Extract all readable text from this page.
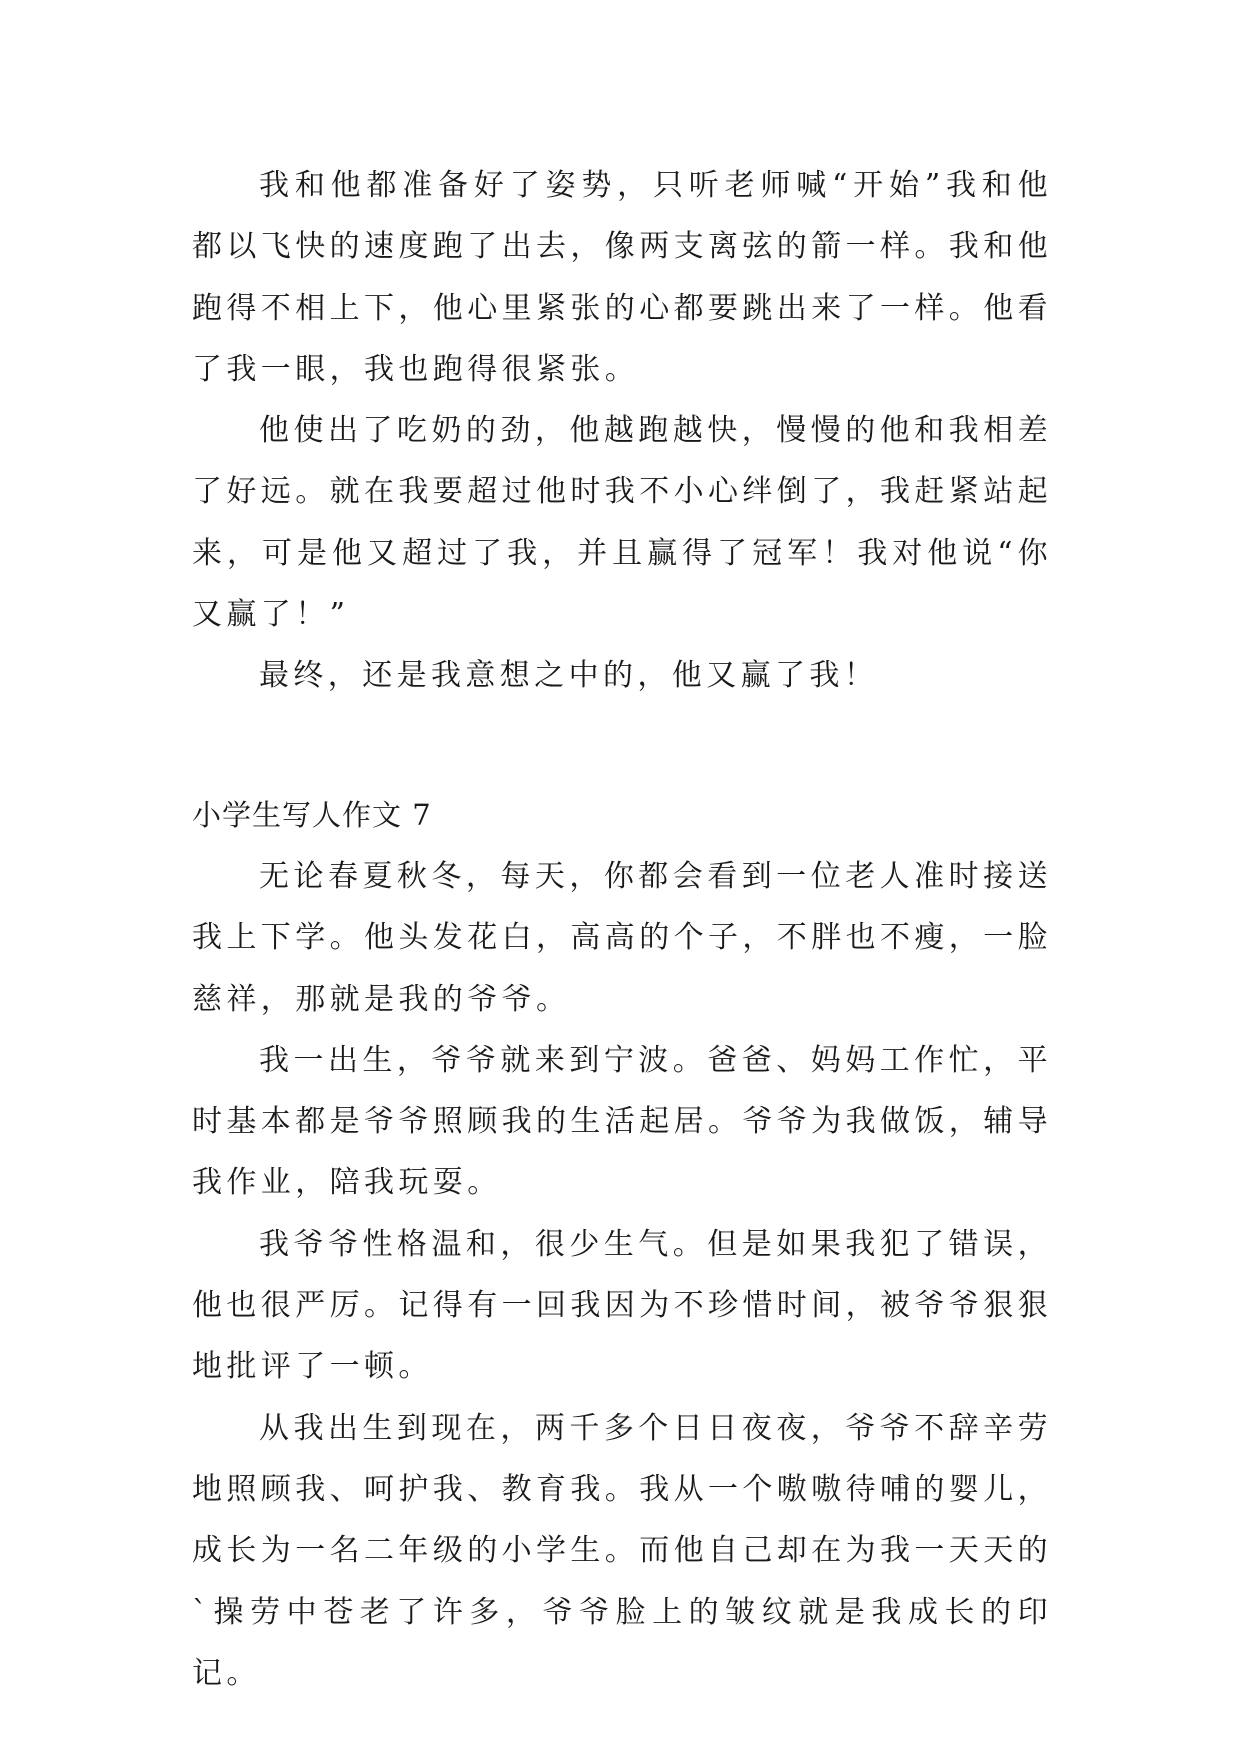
我和他都准备好了姿势，只听老师喊“开始”我和他都以飞快的速度跑了出去，像两支离弦的箭一样。我和他跑得不相上下，他心里紧张的心都要跳出来了一样。他看了我一眼，我也跑得很紧张。

他使出了吃奶的劲，他越跑越快，慢慢的他和我相差了好远。就在我要超过他时我不小心绊倒了，我赶紧站起来，可是他又超过了我，并且赢得了冠军！我对他说“你又赢了！”

最终，还是我意想之中的，他又赢了我！

小学生写人作文 7

无论春夏秋冬，每天，你都会看到一位老人准时接送我上下学。他头发花白，高高的个子，不胖也不瘦，一脸慈祥，那就是我的爷爷。

我一出生，爷爷就来到宁波。爸爸、妈妈工作忙，平时基本都是爷爷照顾我的生活起居。爷爷为我做饭，辅导我作业，陪我玩耍。

我爷爷性格温和，很少生气。但是如果我犯了错误，他也很严厉。记得有一回我因为不珍惜时间，被爷爷狠狠地批评了一顿。

从我出生到现在，两千多个日日夜夜，爷爷不辞辛劳地照顾我、呵护我、教育我。我从一个嗷嗷待哺的婴儿，成长为一名二年级的小学生。而他自己却在为我一天天的`操劳中苍老了许多，爷爷脸上的皱纹就是我成长的印记。
